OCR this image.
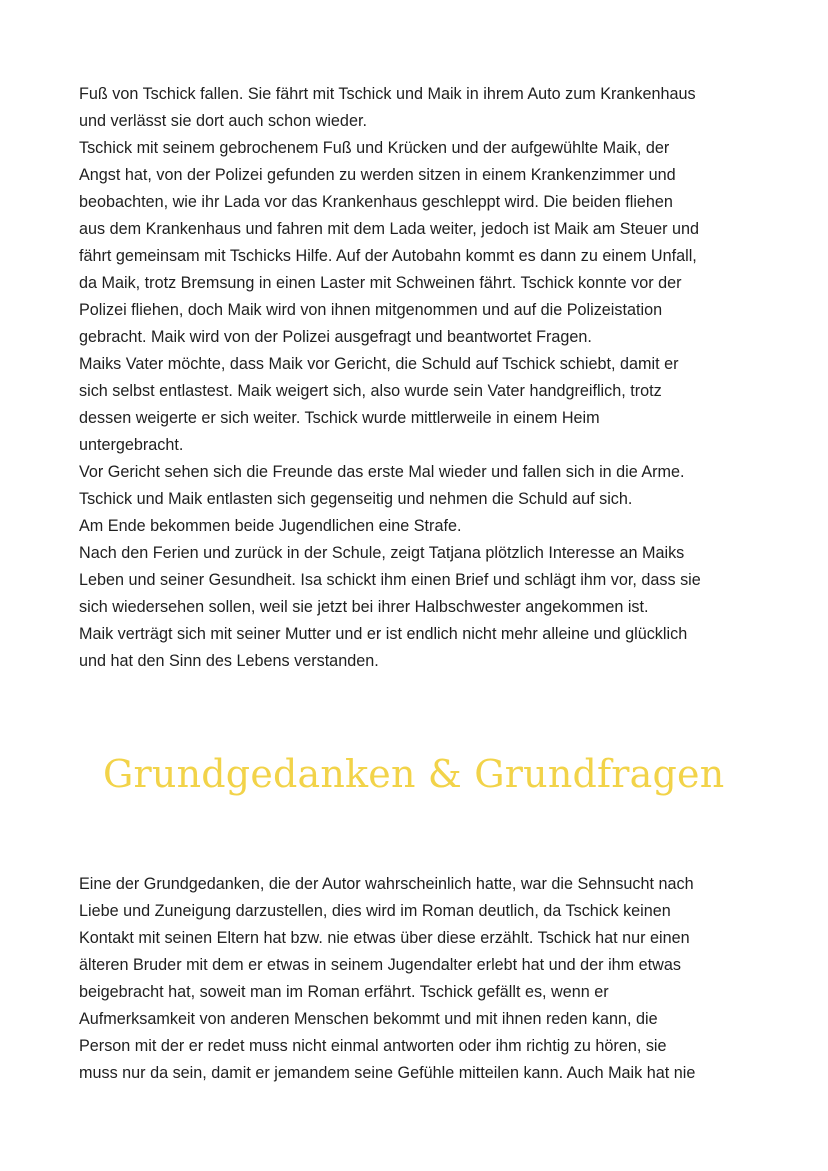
Fuß von Tschick fallen. Sie fährt mit Tschick und Maik in ihrem Auto zum Krankenhaus
und verlässt sie dort auch schon wieder.
Tschick mit seinem gebrochenem Fuß und Krücken und der aufgewühlte Maik, der
Angst hat, von der Polizei gefunden zu werden sitzen in einem Krankenzimmer und
beobachten, wie ihr Lada vor das Krankenhaus geschleppt wird. Die beiden fliehen
aus dem Krankenhaus und fahren mit dem Lada weiter, jedoch ist Maik am Steuer und
fährt gemeinsam mit Tschicks Hilfe. Auf der Autobahn kommt es dann zu einem Unfall,
da Maik, trotz Bremsung in einen Laster mit Schweinen fährt. Tschick konnte vor der
Polizei fliehen, doch Maik wird von ihnen mitgenommen und auf die Polizeistation
gebracht. Maik wird von der Polizei ausgefragt und beantwortet Fragen.
Maiks Vater möchte, dass Maik vor Gericht, die Schuld auf Tschick schiebt, damit er
sich selbst entlastest. Maik weigert sich, also wurde sein Vater handgreiflich, trotz
dessen weigerte er sich weiter. Tschick wurde mittlerweile in einem Heim
untergebracht.
Vor Gericht sehen sich die Freunde das erste Mal wieder und fallen sich in die Arme.
Tschick und Maik entlasten sich gegenseitig und nehmen die Schuld auf sich.
Am Ende bekommen beide Jugendlichen eine Strafe.
Nach den Ferien und zurück in der Schule, zeigt Tatjana plötzlich Interesse an Maiks
Leben und seiner Gesundheit. Isa schickt ihm einen Brief und schlägt ihm vor, dass sie
sich wiedersehen sollen, weil sie jetzt bei ihrer Halbschwester angekommen ist.
Maik verträgt sich mit seiner Mutter und er ist endlich nicht mehr alleine und glücklich
und hat den Sinn des Lebens verstanden.
Grundgedanken & Grundfragen
Eine der Grundgedanken, die der Autor wahrscheinlich hatte, war die Sehnsucht nach
Liebe und Zuneigung darzustellen, dies wird im Roman deutlich, da Tschick keinen
Kontakt mit seinen Eltern hat bzw. nie etwas über diese erzählt. Tschick hat nur einen
älteren Bruder mit dem er etwas in seinem Jugendalter erlebt hat und der ihm etwas
beigebracht hat, soweit man im Roman erfährt. Tschick gefällt es, wenn er
Aufmerksamkeit von anderen Menschen bekommt und mit ihnen reden kann, die
Person mit der er redet muss nicht einmal antworten oder ihm richtig zu hören, sie
muss nur da sein, damit er jemandem seine Gefühle mitteilen kann. Auch Maik hat nie
